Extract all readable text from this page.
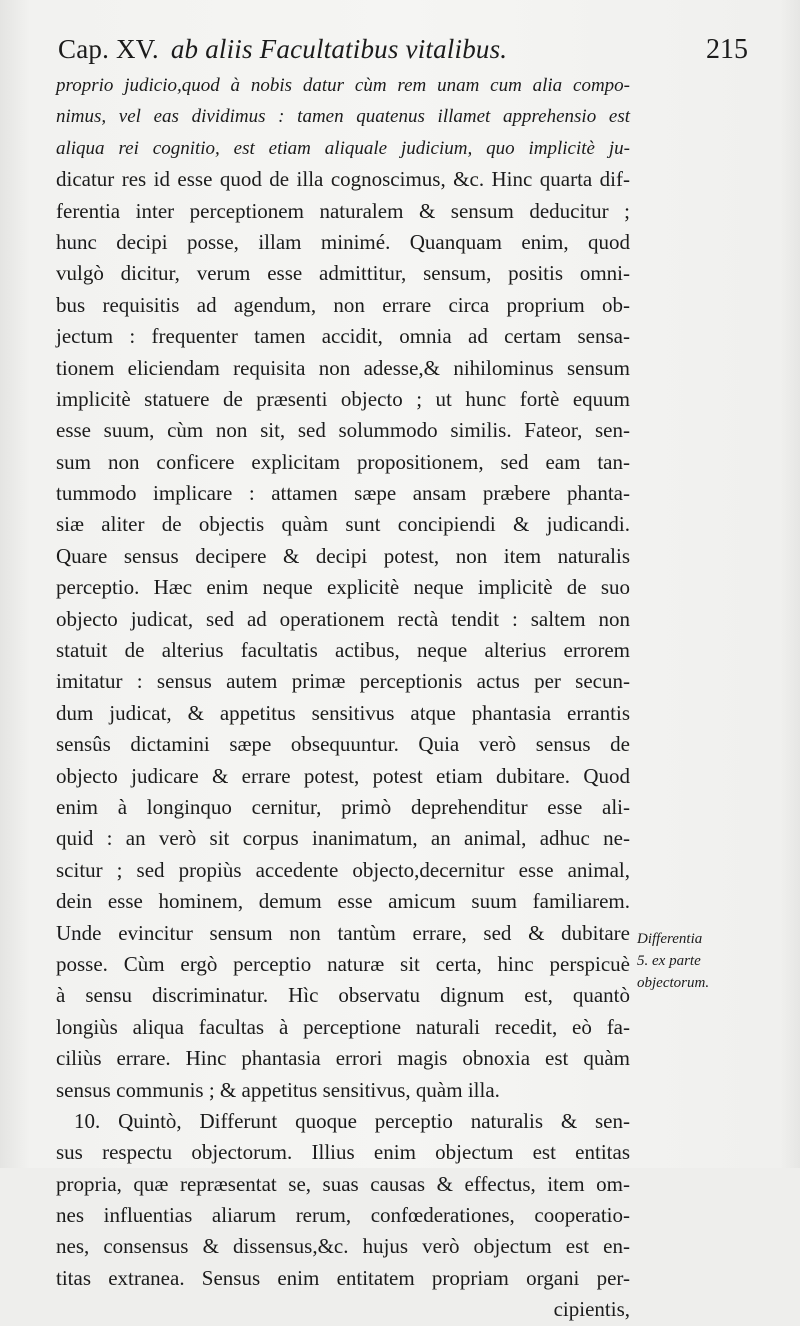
Cap. XV. ab aliis Facultatibus vitalibus.	215
proprio judicio,quod à nobis datur cùm rem unam cum alia compo-
nimus, vel eas dividimus : tamen quatenus illamet apprehensio est
aliqua rei cognitio, est etiam aliquale judicium, quo implicitè ju-
dicatur res id esse quod de illa cognoscimus, &c. Hinc quarta dif-
ferentia inter perceptionem naturalem & sensum deducitur ;
hunc decipi posse, illam minimé. Quanquam enim, quod
vulgò dicitur, verum esse admittitur, sensum, positis omni-
bus requisitis ad agendum, non errare circa proprium ob-
jectum : frequenter tamen accidit, omnia ad certam sensa-
tionem eliciendam requisita non adesse,& nihilominus sensum
implicitè statuere de præsenti objecto ; ut hunc fortè equum
esse suum, cùm non sit, sed solummodo similis. Fateor, sen-
sum non conficere explicitam propositionem, sed eam tan-
tummodo implicare : attamen sæpe ansam præbere phanta-
siæ aliter de objectis quàm sunt concipiendi & judicandi.
Quare sensus decipere & decipi potest, non item naturalis
perceptio. Hæc enim neque explicitè neque implicitè de suo
objecto judicat, sed ad operationem rectà tendit : saltem non
statuit de alterius facultatis actibus, neque alterius errorem
imitatur : sensus autem primæ perceptionis actus per secun-
dum judicat, & appetitus sensitivus atque phantasia errantis
sensûs dictamini sæpe obsequuntur. Quia verò sensus de
objecto judicare & errare potest, potest etiam dubitare. Quod
enim à longinquo cernitur, primò deprehenditur esse ali-
quid : an verò sit corpus inanimatum, an animal, adhuc ne-
scitur ; sed propiùs accedente objecto,decernitur esse animal,
dein esse hominem, demum esse amicum suum familiarem.
Unde evincitur sensum non tantùm errare, sed & dubitare
posse. Cùm ergò perceptio naturæ sit certa, hinc perspicuè
à sensu discriminatur. Hìc observatu dignum est, quantò
longiùs aliqua facultas à perceptione naturali recedit, eò fa-
ciliùs errare. Hinc phantasia errori magis obnoxia est quàm
sensus communis ; & appetitus sensitivus, quàm illa.
10. Quintò, Differunt quoque perceptio naturalis & sen-
sus respectu objectorum. Illius enim objectum est entitas
propria, quæ repræsentat se, suas causas & effectus, item om-
nes influentias aliarum rerum, confœderationes, cooperatio-
nes, consensus & dissensus,&c. hujus verò objectum est en-
titas extranea. Sensus enim entitatem propriam organi per-
cipientis,
Differentia
5. ex parte
objectorum.
